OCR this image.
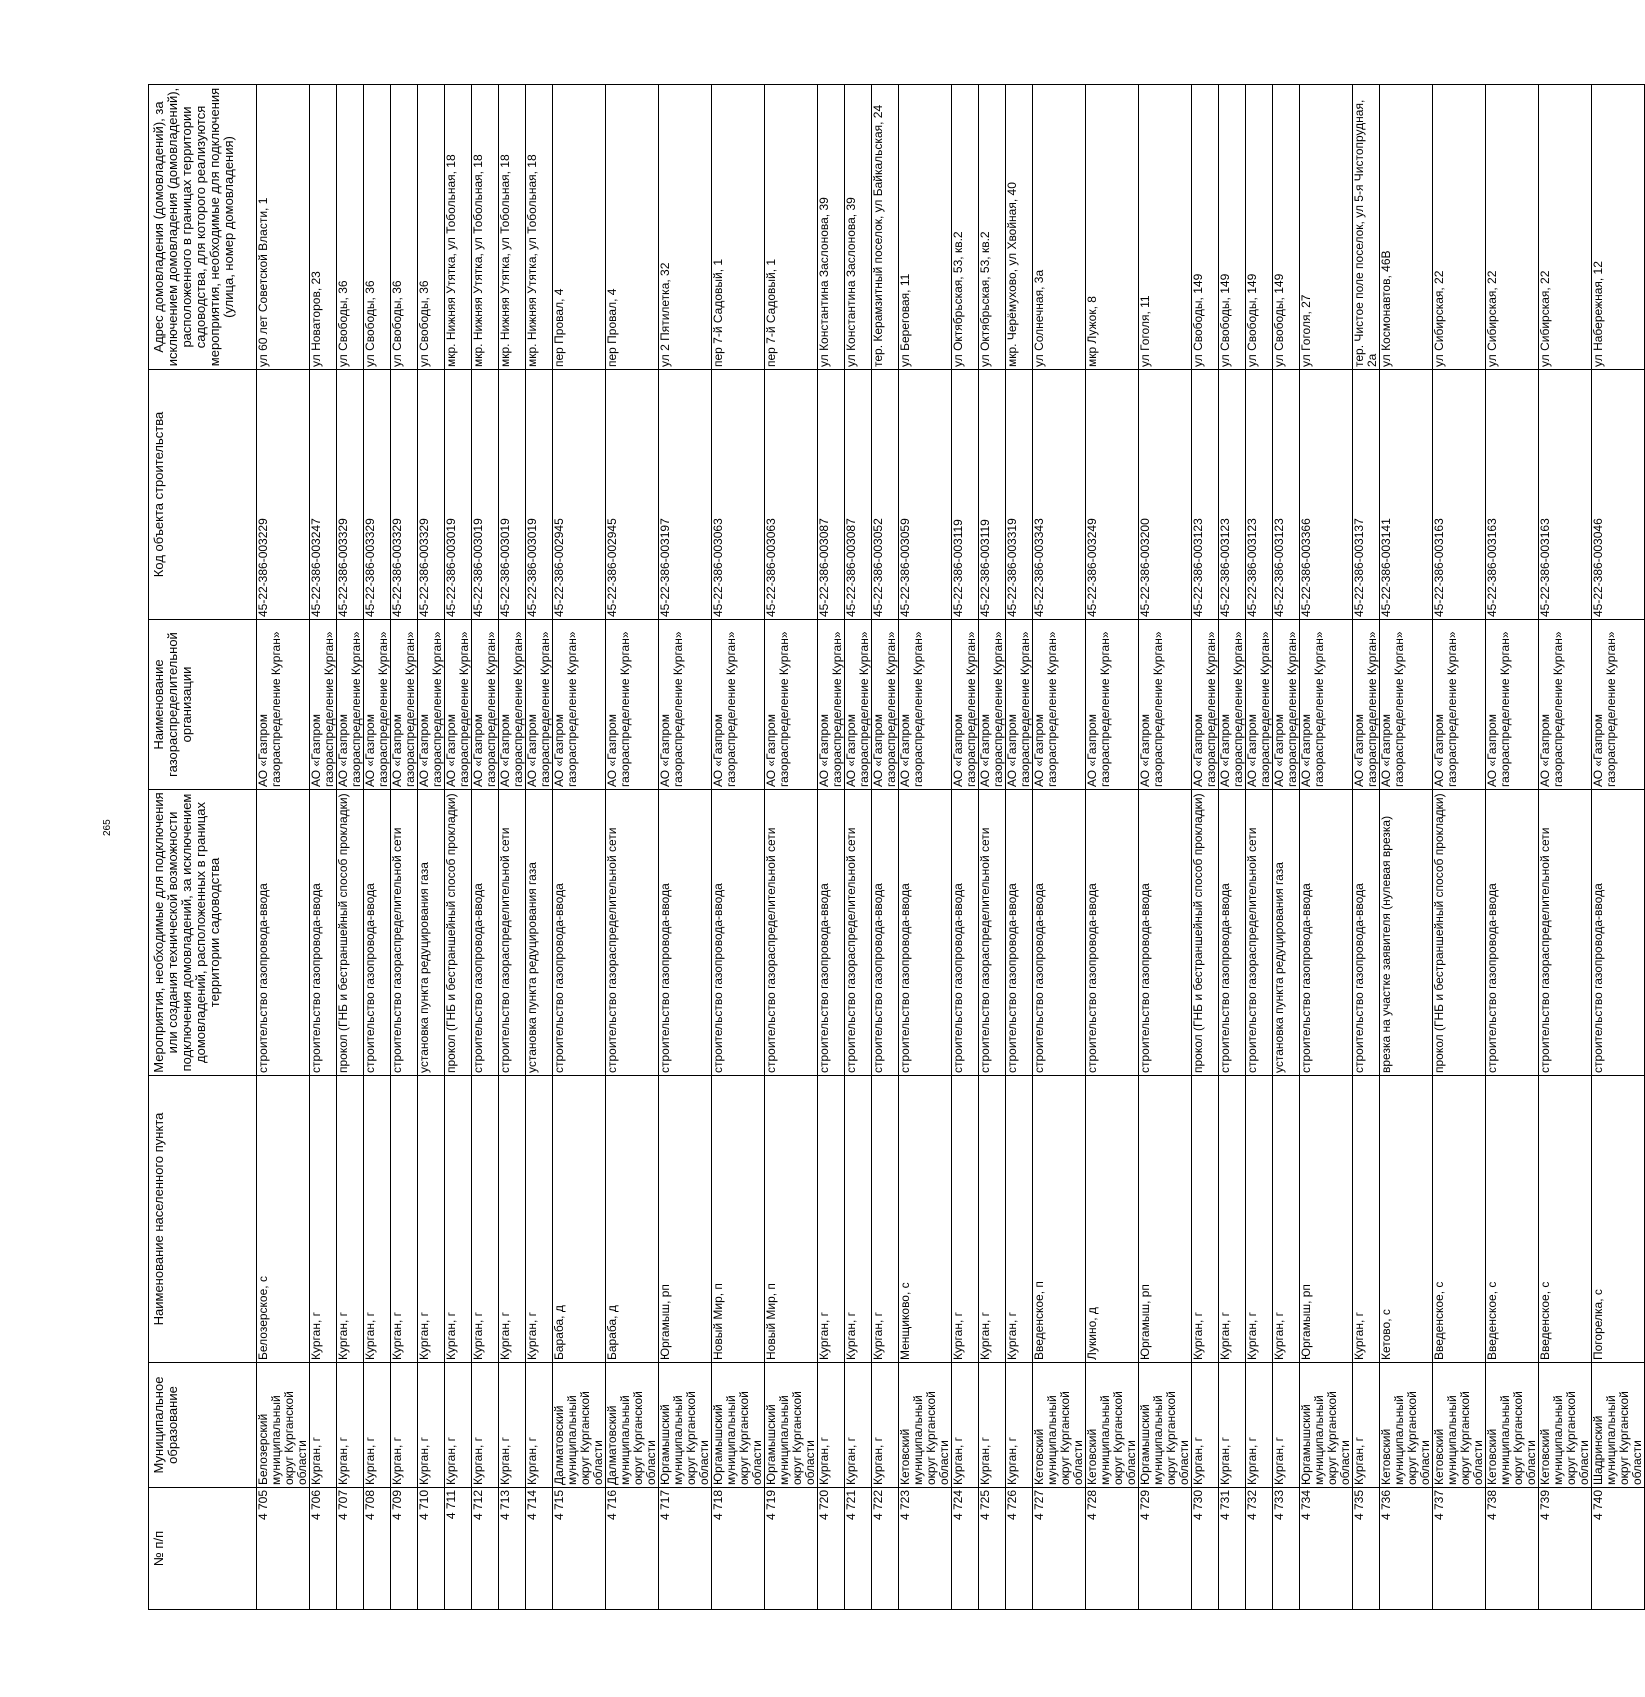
265
№ п/п	Муниципальное образование	Наименование населенного пункта	Мероприятия, необходимые для подключения или создания технической возможности подключения домовладений, за исключением домовладений, расположенных в границах территории садоводства	Наименование газораспределительной организации	Код объекта строительства	Адрес домовладения (домовладений), за исключением домовладения (домовладений), расположенного в границах территории садоводства, для которого реализуются мероприятия, необходимые для подключения (улица, номер домовладения)
4 705	Белозерский муниципальный округ Курганской области	Белозерское, с	строительство газопровода-ввода	АО «Газпром газораспределение Курган»	45-22-386-003229	ул 60 лет Советской Власти, 1
4 706	Курган, г	Курган, г	строительство газопровода-ввода	АО «Газпром газораспределение Курган»	45-22-386-003247	ул Новаторов, 23
4 707	Курган, г	Курган, г	прокол (ГНБ и бестраншейный способ прокладки)	АО «Газпром газораспределение Курган»	45-22-386-003329	ул Свободы, 36
4 708	Курган, г	Курган, г	строительство газопровода-ввода	АО «Газпром газораспределение Курган»	45-22-386-003329	ул Свободы, 36
4 709	Курган, г	Курган, г	строительство газораспределительной сети	АО «Газпром газораспределение Курган»	45-22-386-003329	ул Свободы, 36
4 710	Курган, г	Курган, г	установка пункта редуцирования газа	АО «Газпром газораспределение Курган»	45-22-386-003329	ул Свободы, 36
4 711	Курган, г	Курган, г	прокол (ГНБ и бестраншейный способ прокладки)	АО «Газпром газораспределение Курган»	45-22-386-003019	мкр. Нижняя Утятка, ул Тобольная, 18
4 712	Курган, г	Курган, г	строительство газопровода-ввода	АО «Газпром газораспределение Курган»	45-22-386-003019	мкр. Нижняя Утятка, ул Тобольная, 18
4 713	Курган, г	Курган, г	строительство газораспределительной сети	АО «Газпром газораспределение Курган»	45-22-386-003019	мкр. Нижняя Утятка, ул Тобольная, 18
4 714	Курган, г	Курган, г	установка пункта редуцирования газа	АО «Газпром газораспределение Курган»	45-22-386-003019	мкр. Нижняя Утятка, ул Тобольная, 18
4 715	Далматовский муниципальный округ Курганской области	Бараба, д	строительство газопровода-ввода	АО «Газпром газораспределение Курган»	45-22-386-002945	пер Провал, 4
4 716	Далматовский муниципальный округ Курганской области	Бараба, д	строительство газораспределительной сети	АО «Газпром газораспределение Курган»	45-22-386-002945	пер Провал, 4
4 717	Юргамышский муниципальный округ Курганской области	Юргамыш, рп	строительство газопровода-ввода	АО «Газпром газораспределение Курган»	45-22-386-003197	ул 2 Пятилетка, 32
4 718	Юргамышский муниципальный округ Курганской области	Новый Мир, п	строительство газопровода-ввода	АО «Газпром газораспределение Курган»	45-22-386-003063	пер 7-й Садовый, 1
4 719	Юргамышский муниципальный округ Курганской области	Новый Мир, п	строительство газораспределительной сети	АО «Газпром газораспределение Курган»	45-22-386-003063	пер 7-й Садовый, 1
4 720	Курган, г	Курган, г	строительство газопровода-ввода	АО «Газпром газораспределение Курган»	45-22-386-003087	ул Константина Заслонова, 39
4 721	Курган, г	Курган, г	строительство газораспределительной сети	АО «Газпром газораспределение Курган»	45-22-386-003087	ул Константина Заслонова, 39
4 722	Курган, г	Курган, г	строительство газопровода-ввода	АО «Газпром газораспределение Курган»	45-22-386-003052	тер. Керамзитный поселок, ул Байкальская, 24
4 723	Кетовский муниципальный округ Курганской области	Менщиково, с	строительство газопровода-ввода	АО «Газпром газораспределение Курган»	45-22-386-003059	ул Береговая, 11
4 724	Курган, г	Курган, г	строительство газопровода-ввода	АО «Газпром газораспределение Курган»	45-22-386-003119	ул Октябрьская, 53, кв.2
4 725	Курган, г	Курган, г	строительство газораспределительной сети	АО «Газпром газораспределение Курган»	45-22-386-003119	ул Октябрьская, 53, кв.2
4 726	Курган, г	Курган, г	строительство газопровода-ввода	АО «Газпром газораспределение Курган»	45-22-386-003319	мкр. Черёмухово, ул Хвойная, 40
4 727	Кетовский муниципальный округ Курганской области	Введенское, п	строительство газопровода-ввода	АО «Газпром газораспределение Курган»	45-22-386-003343	ул Солнечная, 3а
4 728	Кетовский муниципальный округ Курганской области	Лукино, д	строительство газопровода-ввода	АО «Газпром газораспределение Курган»	45-22-386-003249	мкр Лужок, 8
4 729	Юргамышский муниципальный округ Курганской области	Юргамыш, рп	строительство газопровода-ввода	АО «Газпром газораспределение Курган»	45-22-386-003200	ул Гоголя, 11
4 730	Курган, г	Курган, г	прокол (ГНБ и бестраншейный способ прокладки)	АО «Газпром газораспределение Курган»	45-22-386-003123	ул Свободы, 149
4 731	Курган, г	Курган, г	строительство газопровода-ввода	АО «Газпром газораспределение Курган»	45-22-386-003123	ул Свободы, 149
4 732	Курган, г	Курган, г	строительство газораспределительной сети	АО «Газпром газораспределение Курган»	45-22-386-003123	ул Свободы, 149
4 733	Курган, г	Курган, г	установка пункта редуцирования газа	АО «Газпром газораспределение Курган»	45-22-386-003123	ул Свободы, 149
4 734	Юргамышский муниципальный округ Курганской области	Юргамыш, рп	строительство газопровода-ввода	АО «Газпром газораспределение Курган»	45-22-386-003366	ул Гоголя, 27
4 735	Курган, г	Курган, г	строительство газопровода-ввода	АО «Газпром газораспределение Курган»	45-22-386-003137	тер. Чистое поле поселок, ул 5-я Чистопрудная, 2а
4 736	Кетовский муниципальный округ Курганской области	Кетово, с	врезка на участке заявителя (нулевая врезка)	АО «Газпром газораспределение Курган»	45-22-386-003141	ул Космонавтов, 46В
4 737	Кетовский муниципальный округ Курганской области	Введенское, с	прокол (ГНБ и бестраншейный способ прокладки)	АО «Газпром газораспределение Курган»	45-22-386-003163	ул Сибирская, 22
4 738	Кетовский муниципальный округ Курганской области	Введенское, с	строительство газопровода-ввода	АО «Газпром газораспределение Курган»	45-22-386-003163	ул Сибирская, 22
4 739	Кетовский муниципальный округ Курганской области	Введенское, с	строительство газораспределительной сети	АО «Газпром газораспределение Курган»	45-22-386-003163	ул Сибирская, 22
4 740	Шадринский муниципальный округ Курганской области	Погорелка, с	строительство газопровода-ввода	АО «Газпром газораспределение Курган»	45-22-386-003046	ул Набережная, 12
